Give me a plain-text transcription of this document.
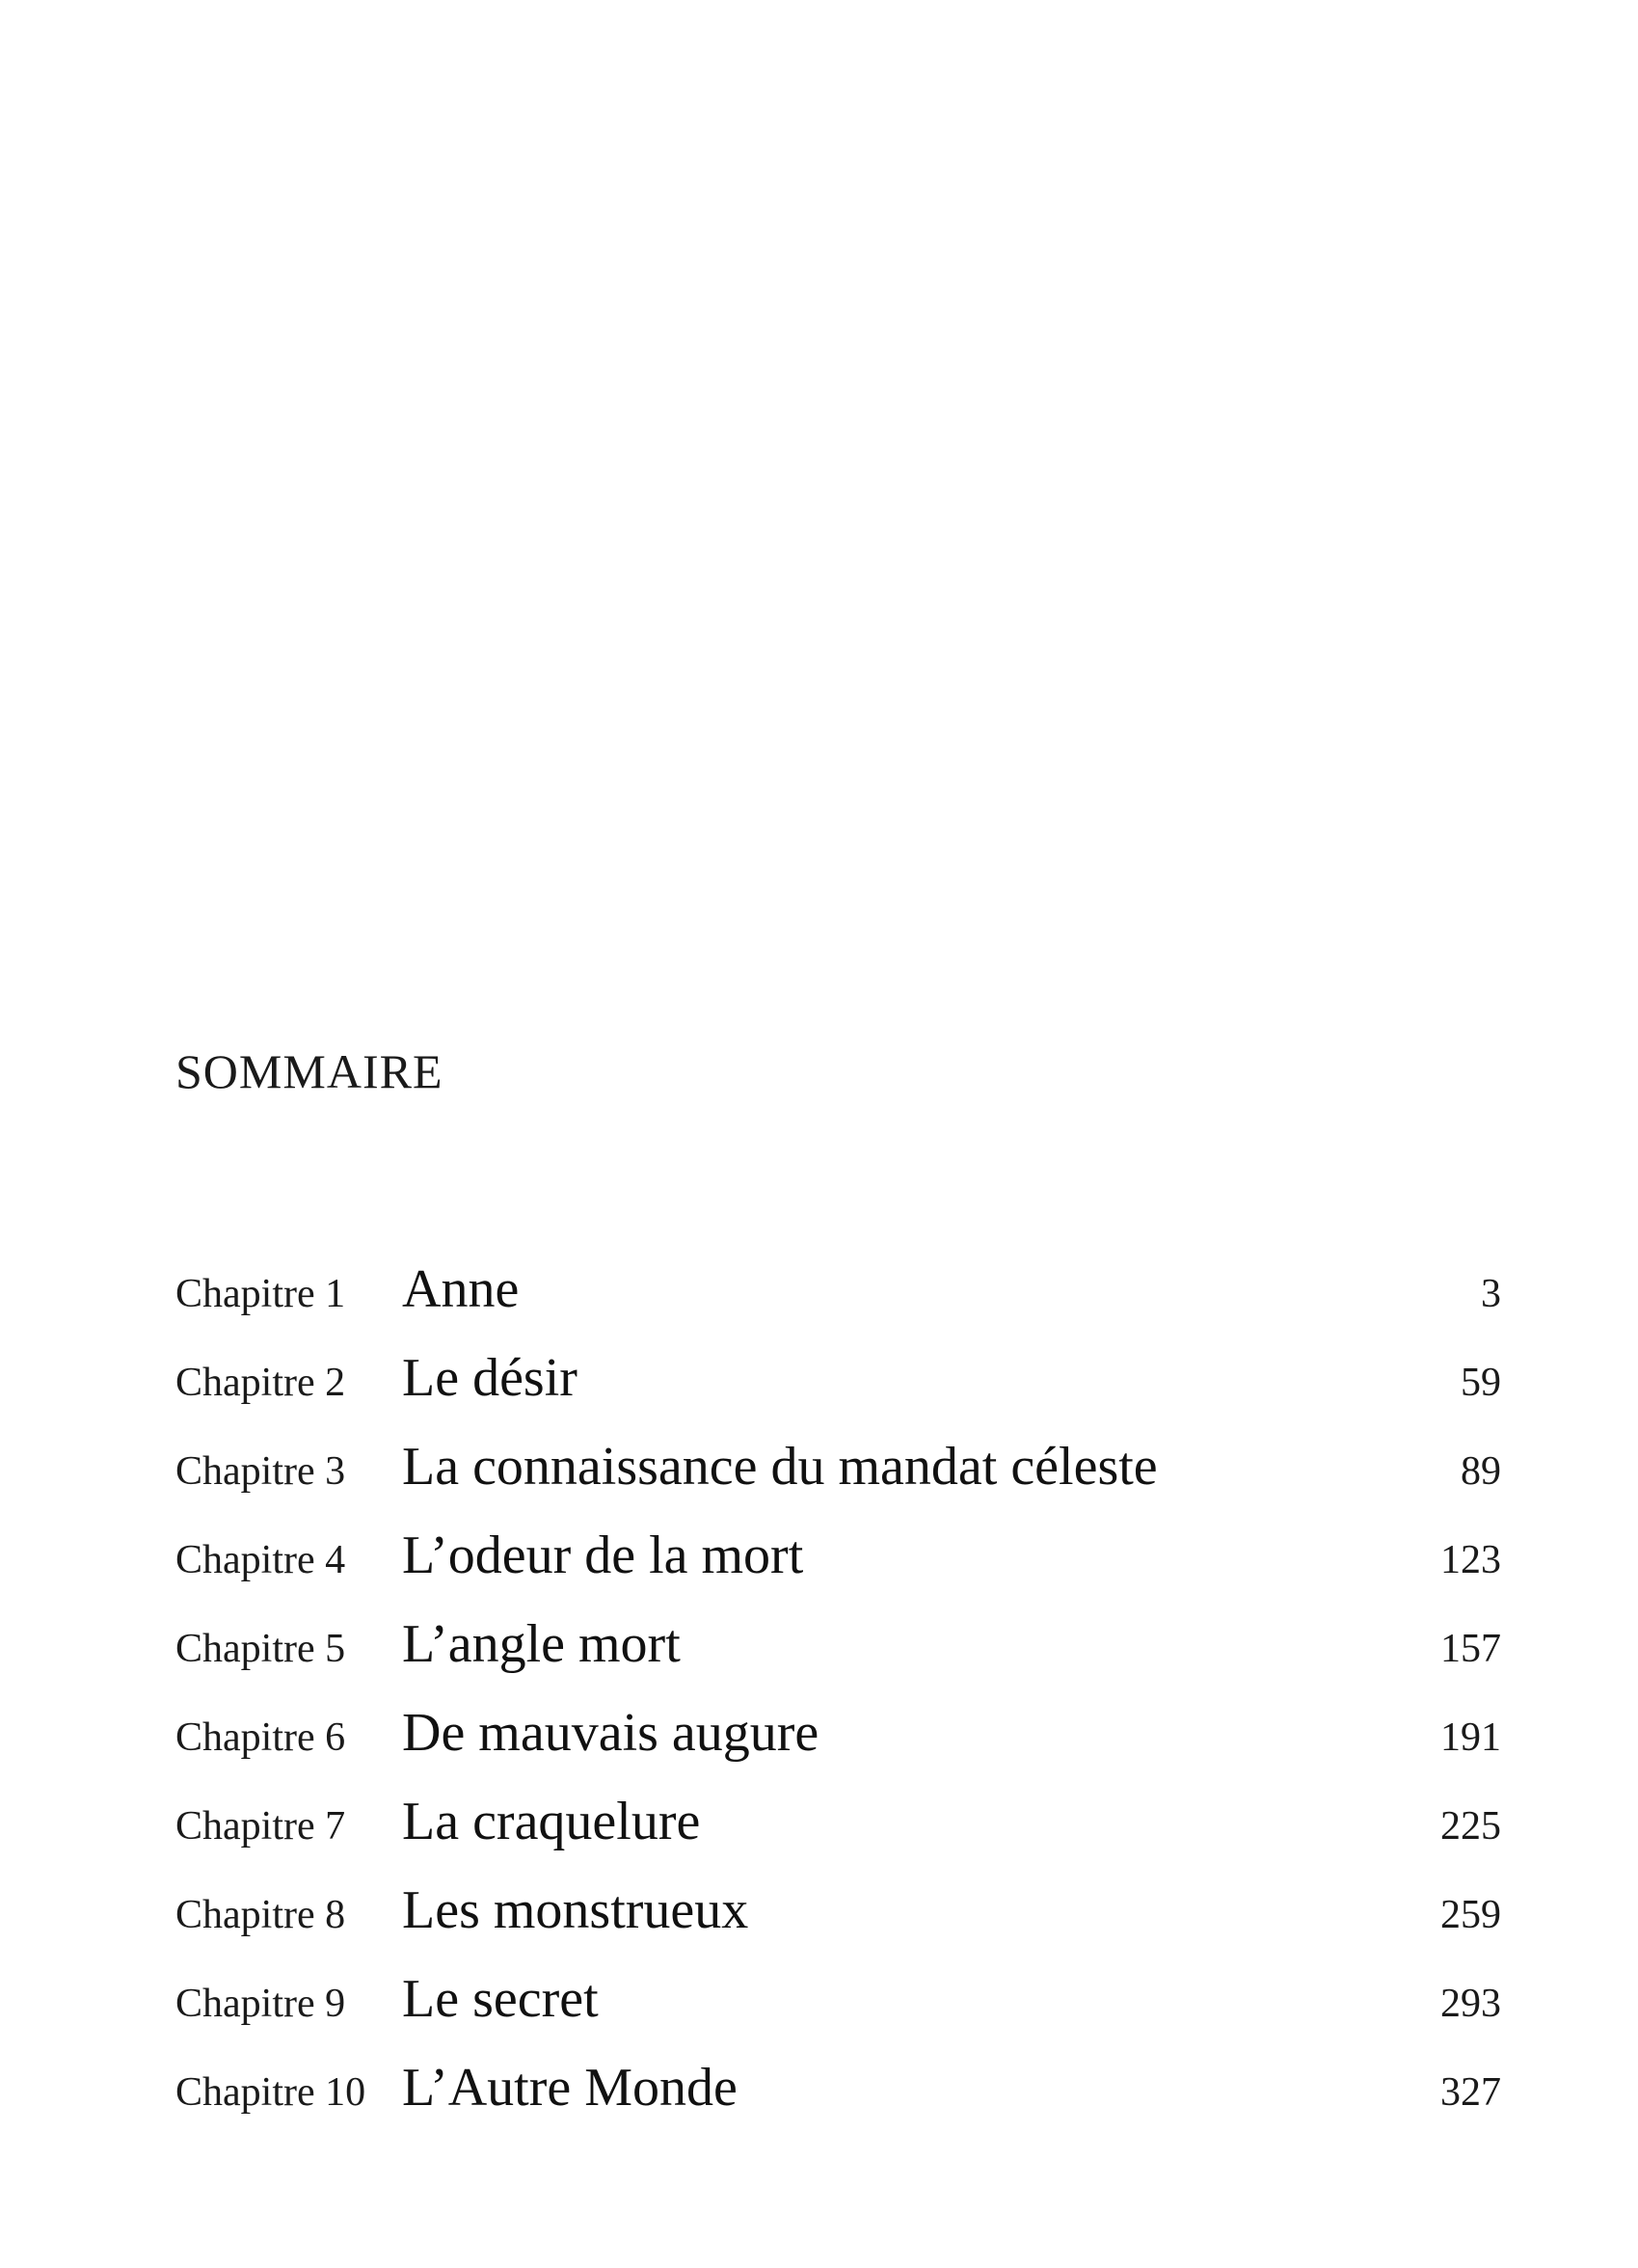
SOMMAIRE
Chapitre 1	Anne	3
Chapitre 2	Le désir	59
Chapitre 3	La connaissance du mandat céleste	89
Chapitre 4	L’odeur de la mort	123
Chapitre 5	L’angle mort	157
Chapitre 6	De mauvais augure	191
Chapitre 7	La craquelure	225
Chapitre 8	Les monstrueux	259
Chapitre 9	Le secret	293
Chapitre 10 L’Autre Monde	327
